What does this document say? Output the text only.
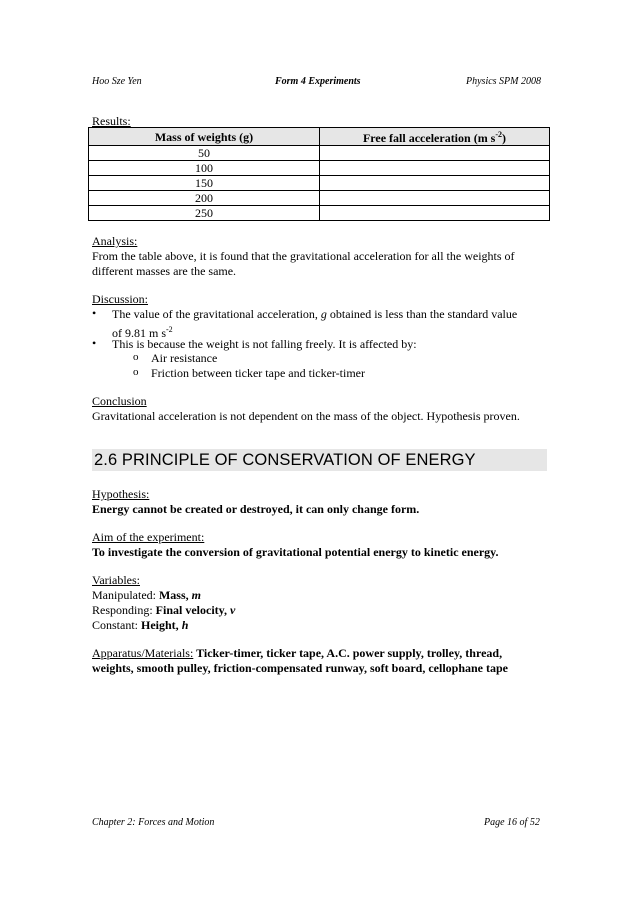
Hoo Sze Yen	Form 4 Experiments	Physics SPM 2008
Results:
Mass of weights (g)	Free fall acceleration (m $s^{-2}$)
50	
100	
150	
200	
250	
Analysis:
From the table above, it is found that the gravitational acceleration for all the weights of
different masses are the same.
Discussion:
• The value of the gravitational acceleration, g obtained is less than the standard value
of 9.81 m $s^{-2}$
• This is because the weight is not falling freely. It is affected by:
o Air resistance
o Friction between ticker tape and ticker-timer
Conclusion
Gravitational acceleration is not dependent on the mass of the object. Hypothesis proven.
2.6 PRINCIPLE OF CONSERVATION OF ENERGY
Hypothesis:
Energy cannot be created or destroyed, it can only change form.
Aim of the experiment:
To investigate the conversion of gravitational potential energy to kinetic energy.
Variables:
Manipulated: Mass, m
Responding: Final velocity, v
Constant: Height, h
Apparatus/Materials: Ticker-timer, ticker tape, A.C. power supply, trolley, thread,
weights, smooth pulley, friction-compensated runway, soft board, cellophane tape
Chapter 2: Forces and Motion	Page 16 of 52
